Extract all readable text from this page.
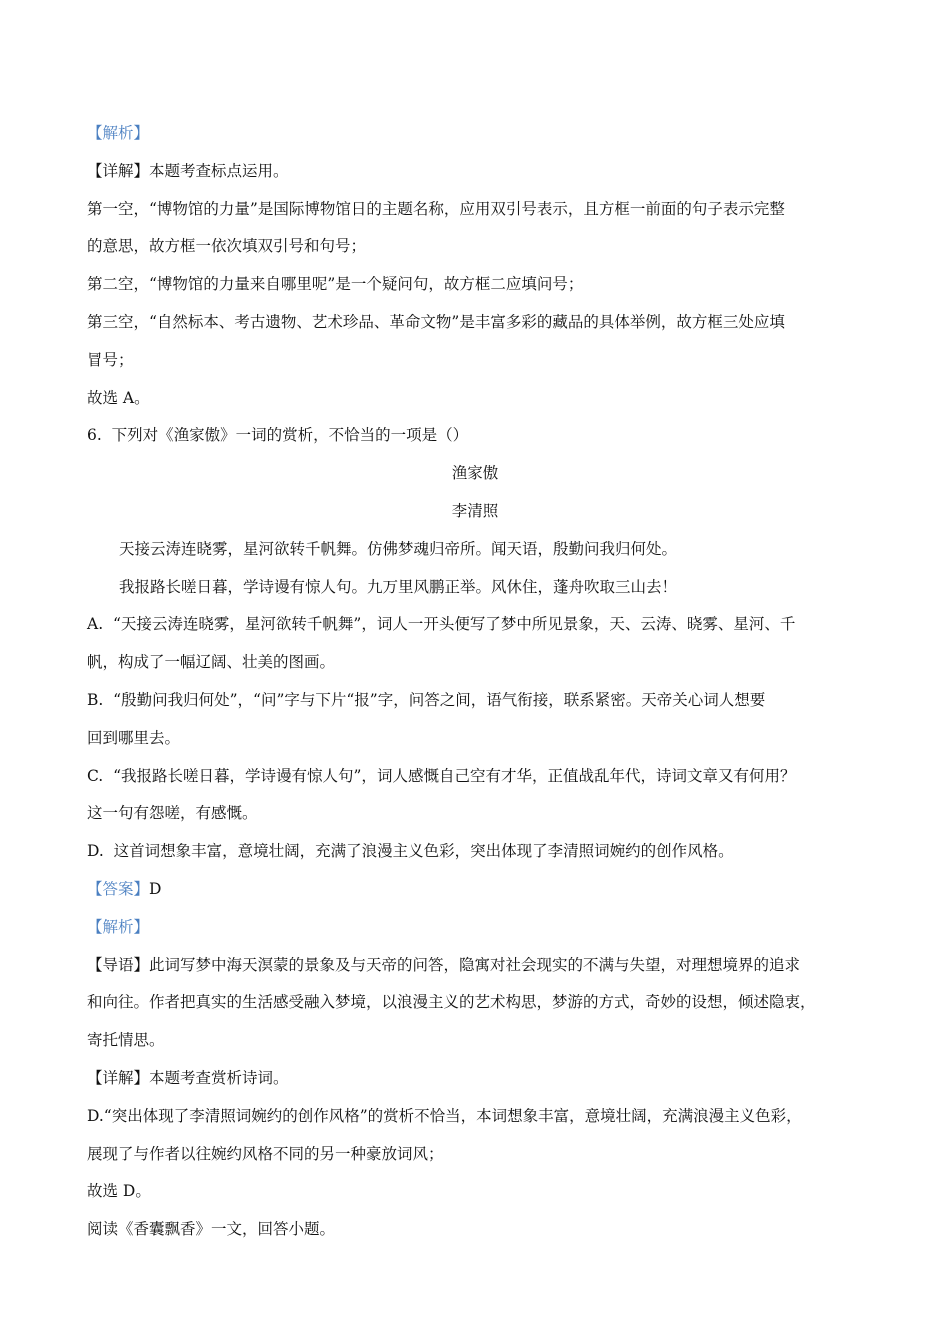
【解析】

【详解】本题考查标点运用。

第一空，“博物馆的力量”是国际博物馆日的主题名称，应用双引号表示，且方框一前面的句子表示完整

的意思，故方框一依次填双引号和句号；

第二空，“博物馆的力量来自哪里呢”是一个疑问句，故方框二应填问号；

第三空，“自然标本、考古遗物、艺术珍品、革命文物”是丰富多彩的藏品的具体举例，故方框三处应填

冒号；

故选 A。

6.  下列对《渔家傲》一词的赏析，不恰当的一项是（）

渔家傲

李清照

天接云涛连晓雾，星河欲转千帆舞。仿佛梦魂归帝所。闻天语，殷勤问我归何处。

我报路长嗟日暮，学诗谩有惊人句。九万里风鹏正举。风休住，蓬舟吹取三山去！

A.  “天接云涛连晓雾，星河欲转千帆舞”，词人一开头便写了梦中所见景象，天、云涛、晓雾、星河、千

帆，构成了一幅辽阔、壮美的图画。

B.  “殷勤问我归何处”，“问”字与下片“报”字，问答之间，语气衔接，联系紧密。天帝关心词人想要

回到哪里去。

C.  “我报路长嗟日暮，学诗谩有惊人句”，词人感慨自己空有才华，正值战乱年代，诗词文章又有何用？

这一句有怨嗟，有感慨。

D.  这首词想象丰富，意境壮阔，充满了浪漫主义色彩，突出体现了李清照词婉约的创作风格。

【答案】D

【解析】

【导语】此词写梦中海天溟蒙的景象及与天帝的问答，隐寓对社会现实的不满与失望，对理想境界的追求

和向往。作者把真实的生活感受融入梦境，以浪漫主义的艺术构思，梦游的方式，奇妙的设想，倾述隐衷，

寄托情思。

【详解】本题考查赏析诗词。

D.“突出体现了李清照词婉约的创作风格”的赏析不恰当，本词想象丰富，意境壮阔，充满浪漫主义色彩，

展现了与作者以往婉约风格不同的另一种豪放词风；

故选 D。

阅读《香囊飘香》一文，回答小题。
